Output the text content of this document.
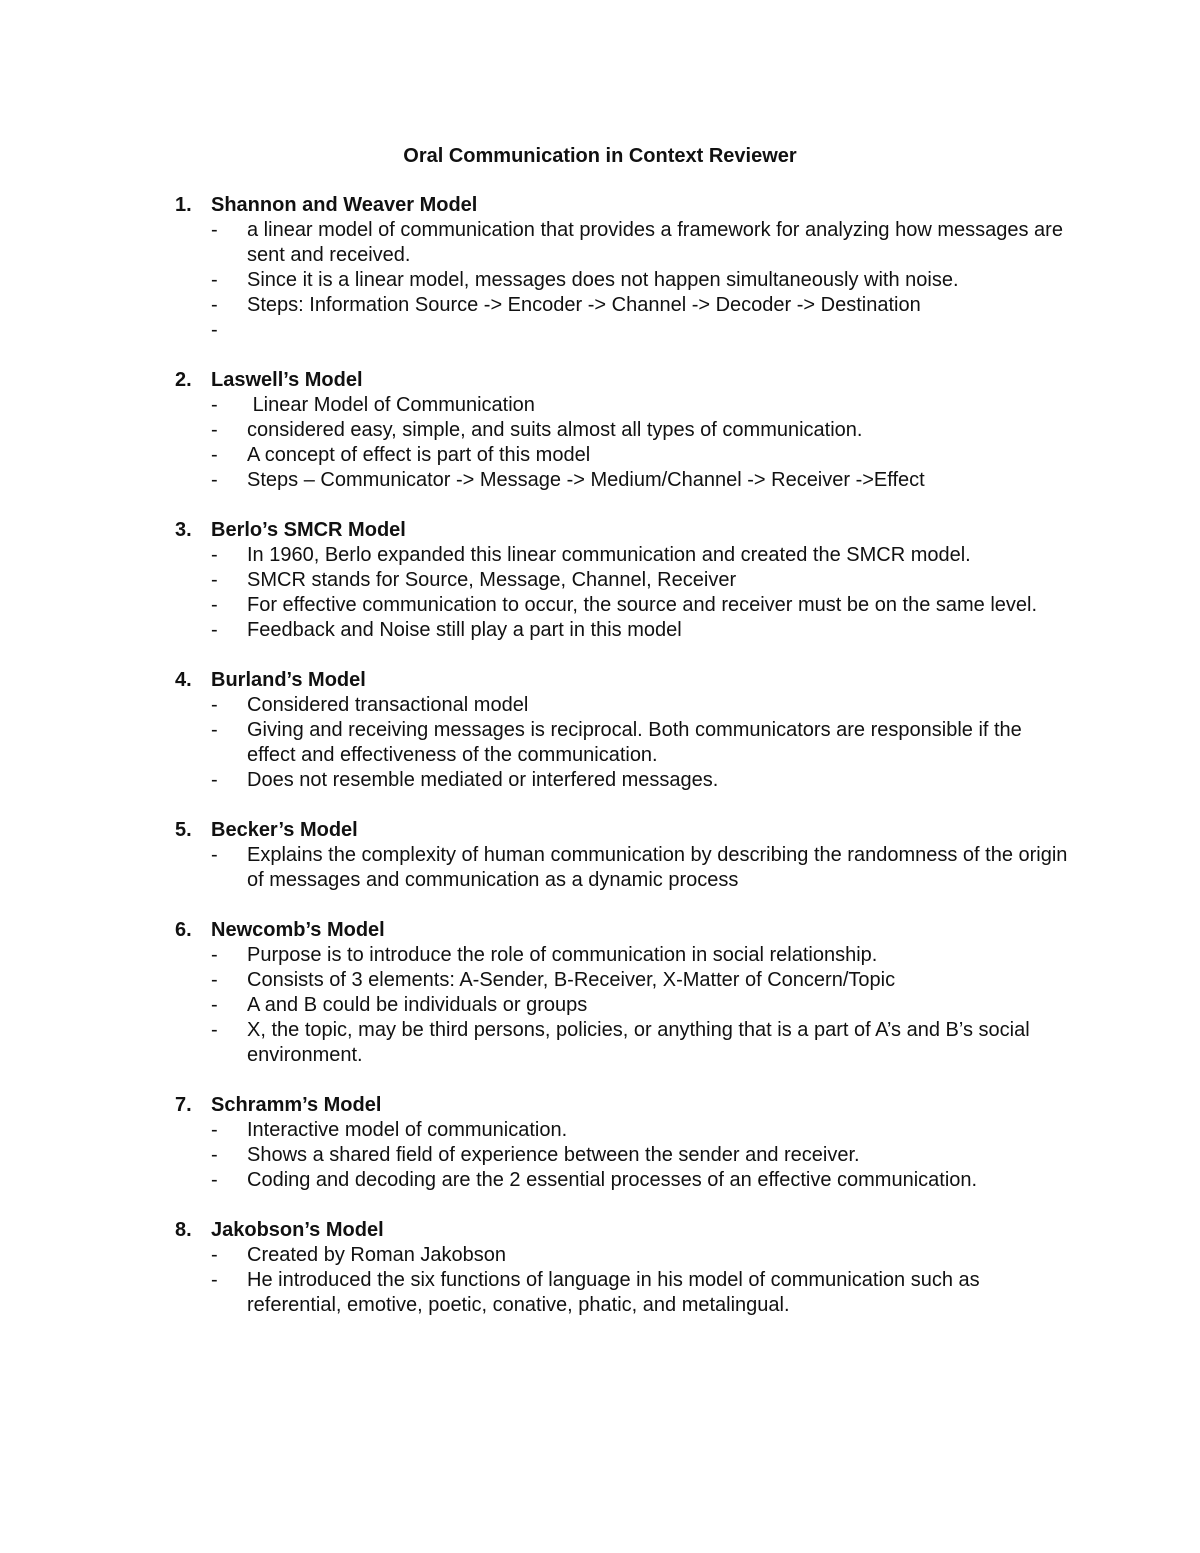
Oral Communication in Context Reviewer
1. Shannon and Weaver Model
-	a linear model of communication that provides a framework for analyzing how messages are sent and received.
-	Since it is a linear model, messages does not happen simultaneously with noise.
-	Steps: Information Source -> Encoder -> Channel -> Decoder -> Destination
-
2. Laswell’s Model
-	Linear Model of Communication
-	considered easy, simple, and suits almost all types of communication.
-	A concept of effect is part of this model
-	Steps – Communicator -> Message -> Medium/Channel -> Receiver ->Effect
3. Berlo’s SMCR Model
-	In 1960, Berlo expanded this linear communication and created the SMCR model.
-	SMCR stands for Source, Message, Channel, Receiver
-	For effective communication to occur, the source and receiver must be on the same level.
-	Feedback and Noise still play a part in this model
4. Burland’s Model
-	Considered transactional model
-	Giving and receiving messages is reciprocal. Both communicators are responsible if the effect and effectiveness of the communication.
-	Does not resemble mediated or interfered messages.
5. Becker’s Model
-	Explains the complexity of human communication by describing the randomness of the origin of messages and communication as a dynamic process
6. Newcomb’s Model
-	Purpose is to introduce the role of communication in social relationship.
-	Consists of 3 elements: A-Sender, B-Receiver, X-Matter of Concern/Topic
-	A and B could be individuals or groups
-	X, the topic, may be third persons, policies, or anything that is a part of A’s and B’s social environment.
7. Schramm’s Model
-	Interactive model of communication.
-	Shows a shared field of experience between the sender and receiver.
-	Coding and decoding are the 2 essential processes of an effective communication.
8. Jakobson’s Model
-	Created by Roman Jakobson
-	He introduced the six functions of language in his model of communication such as referential, emotive, poetic, conative, phatic, and metalingual.
